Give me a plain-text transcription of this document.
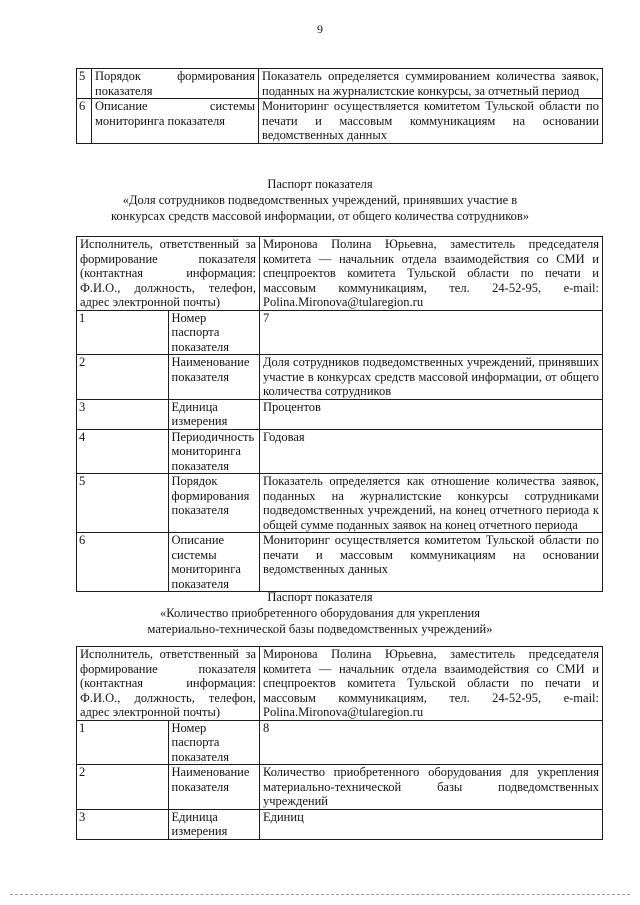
9
5	Порядок формирования показателя	Показатель определяется суммированием количества заявок, поданных на журналистские конкурсы, за отчетный период
6	Описание системы мониторинга показателя	Мониторинг осуществляется комитетом Тульской области по печати и массовым коммуникациям на основании ведомственных данных
Паспорт показателя
«Доля сотрудников подведомственных учреждений, принявших участие в конкурсах средств массовой информации, от общего количества сотрудников»
Исполнитель, ответственный за формирование показателя (контактная информация: Ф.И.О., должность, телефон, адрес электронной почты)		Миронова Полина Юрьевна, заместитель председателя комитета — начальник отдела взаимодействия со СМИ и спецпроектов комитета Тульской области по печати и массовым коммуникациям, тел. 24-52-95, e-mail: Polina.Mironova@tularegion.ru
1	Номер паспорта показателя	7
2	Наименование показателя	Доля сотрудников подведомственных учреждений, принявших участие в конкурсах средств массовой информации, от общего количества сотрудников
3	Единица измерения	Процентов
4	Периодичность мониторинга показателя	Годовая
5	Порядок формирования показателя	Показатель определяется как отношение количества заявок, поданных на журналистские конкурсы сотрудниками подведомственных учреждений, на конец отчетного периода к общей сумме поданных заявок на конец отчетного периода
6	Описание системы мониторинга показателя	Мониторинг осуществляется комитетом Тульской области по печати и массовым коммуникациям на основании ведомственных данных
Паспорт показателя
«Количество приобретенного оборудования для укрепления материально-технической базы подведомственных учреждений»
Исполнитель, ответственный за формирование показателя (контактная информация: Ф.И.О., должность, телефон, адрес электронной почты)		Миронова Полина Юрьевна, заместитель председателя комитета — начальник отдела взаимодействия со СМИ и спецпроектов комитета Тульской области по печати и массовым коммуникациям, тел. 24-52-95, e-mail: Polina.Mironova@tularegion.ru
1	Номер паспорта показателя	8
2	Наименование показателя	Количество приобретенного оборудования для укрепления материально-технической базы подведомственных учреждений
3	Единица измерения	Единиц
